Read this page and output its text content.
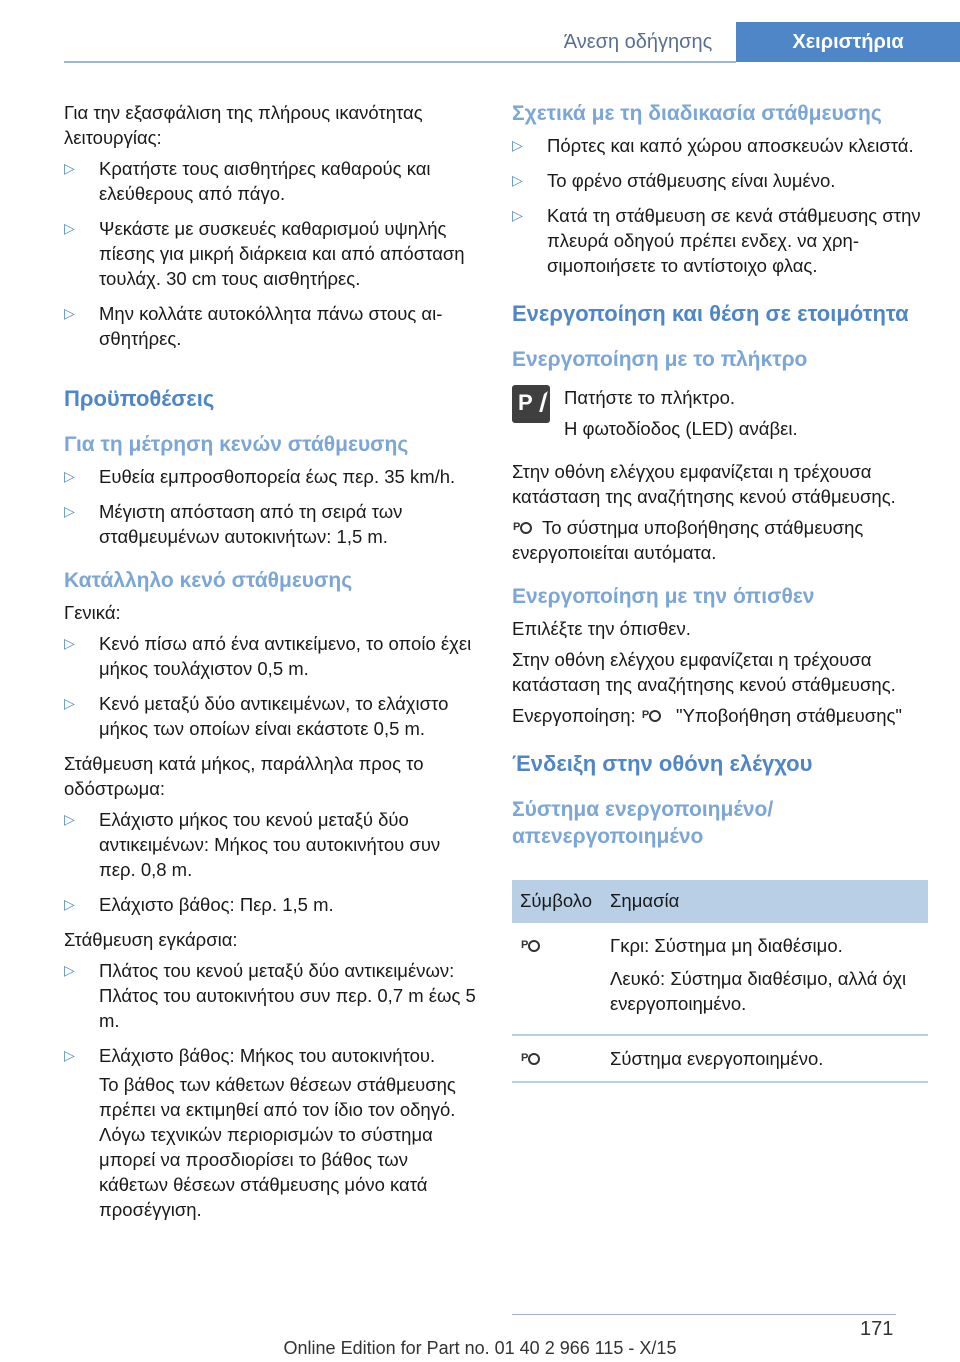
Άνεση οδήγησης	Χειριστήρια

Για την εξασφάλιση της πλήρους ικανότητας λειτουργίας:

▷ Κρατήστε τους αισθητήρες καθαρούς και ελεύθερους από πάγο.
▷ Ψεκάστε με συσκευές καθαρισμού υψηλής πίεσης για μικρή διάρκεια και από απόσταση τουλάχ. 30 cm τους αισθητήρες.
▷ Μην κολλάτε αυτοκόλλητα πάνω στους αισθητήρες.
Προϋποθέσεις
Για τη μέτρηση κενών στάθμευσης
▷ Ευθεία εμπροσθοπορεία έως περ. 35 km/h.
▷ Μέγιστη απόσταση από τη σειρά των σταθμευμένων αυτοκινήτων: 1,5 m.
Κατάλληλο κενό στάθμευσης

Γενικά:

▷ Κενό πίσω από ένα αντικείμενο, το οποίο έχει μήκος τουλάχιστον 0,5 m.
▷ Κενό μεταξύ δύο αντικειμένων, το ελάχιστο μήκος των οποίων είναι εκάστοτε 0,5 m.

Στάθμευση κατά μήκος, παράλληλα προς το οδόστρωμα:

▷ Ελάχιστο μήκος του κενού μεταξύ δύο αντικειμένων: Μήκος του αυτοκινήτου συν περ. 0,8 m.
▷ Ελάχιστο βάθος: Περ. 1,5 m.

Στάθμευση εγκάρσια:

▷ Πλάτος του κενού μεταξύ δύο αντικειμένων: Πλάτος του αυτοκινήτου συν περ. 0,7 m έως 5 m.
▷ Ελάχιστο βάθος: Μήκος του αυτοκινήτου.

Το βάθος των κάθετων θέσεων στάθμευσης πρέπει να εκτιμηθεί από τον ίδιο τον οδηγό. Λόγω τεχνικών περιορισμών το σύστημα μπορεί να προσδιορίσει το βάθος των κάθετων θέσεων στάθμευσης μόνο κατά προσέγγιση.

Σχετικά με τη διαδικασία στάθμευσης
▷ Πόρτες και καπό χώρου αποσκευών κλειστά.
▷ Το φρένο στάθμευσης είναι λυμένο.
▷ Κατά τη στάθμευση σε κενά στάθμευσης στην πλευρά οδηγού πρέπει ενδεχ. να χρησιμοποιήσετε το αντίστοιχο φλας.
Ενεργοποίηση και θέση σε ετοιμότητα
Ενεργοποίηση με το πλήκτρο
P Πατήστε το πλήκτρο.

Η φωτοδίοδος (LED) ανάβει.

Στην οθόνη ελέγχου εμφανίζεται η τρέχουσα κατάσταση της αναζήτησης κενού στάθμευσης.

P Το σύστημα υποβοήθησης στάθμευσης ενεργοποιείται αυτόματα.

Ενεργοποίηση με την όπισθεν

Επιλέξτε την όπισθεν.

Στην οθόνη ελέγχου εμφανίζεται η τρέχουσα κατάσταση της αναζήτησης κενού στάθμευσης.

Ενεργοποίηση: P "Υποβοήθηση στάθμευσης"

Ένδειξη στην οθόνη ελέγχου
Σύστημα ενεργοποιημένο/ απενεργοποιημένο
Σύμβολο	Σημασία

P	Γκρι: Σύστημα μη διαθέσιμο.

Λευκό: Σύστημα διαθέσιμο, αλλά όχι ενεργοποιημένο.

P	Σύστημα ενεργοποιημένο.
171
Online Edition for Part no. 01 40 2 966 115 - X/15
